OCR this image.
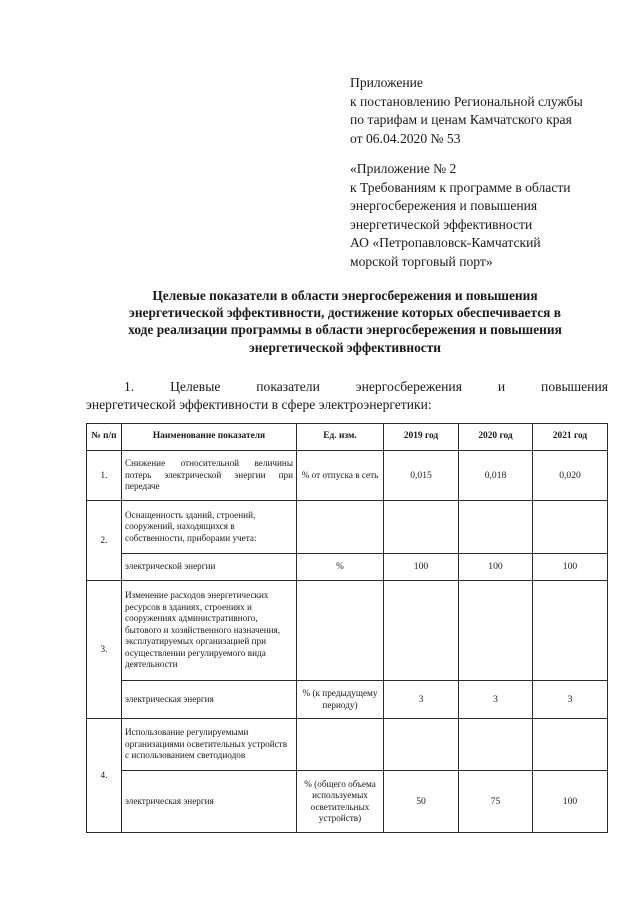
Приложение
к постановлению Региональной службы
по тарифам и ценам Камчатского края
от 06.04.2020 № 53
«Приложение № 2
к Требованиям к программе в области
энергосбережения и повышения
энергетической эффективности
АО «Петропавловск-Камчатский
морской торговый порт»
Целевые показатели в области энергосбережения и повышения
энергетической эффективности, достижение которых обеспечивается в
ходе реализации программы в области энергосбережения и повышения
энергетической эффективности
1.	Целевые	показатели	энергосбережения	и	повышения
энергетической эффективности в сфере электроэнергетики:
№ п/п	Наименование показателя	Ед. изм.	2019 год	2020 год	2021 год
1.	Снижение относительной величины потерь электрической энергии при передаче	% от отпуска в сеть	0,015	0,018	0,020
2.	Оснащенность зданий, строений, сооружений, находящихся в собственности, приборами учета:				
	электрической энергии	%	100	100	100
3.	Изменение расходов энергетических ресурсов в зданиях, строениях и сооружениях административного, бытового и хозяйственного назначения, эксплуатируемых организацией при осуществлении регулируемого вида деятельности				
	электрическая энергия	% (к предыдущему периоду)	3	3	3
4.	Использование регулируемыми организациями осветительных устройств с использованием светодиодов				
	электрическая энергия	% (общего объема используемых осветительных устройств)	50	75	100
